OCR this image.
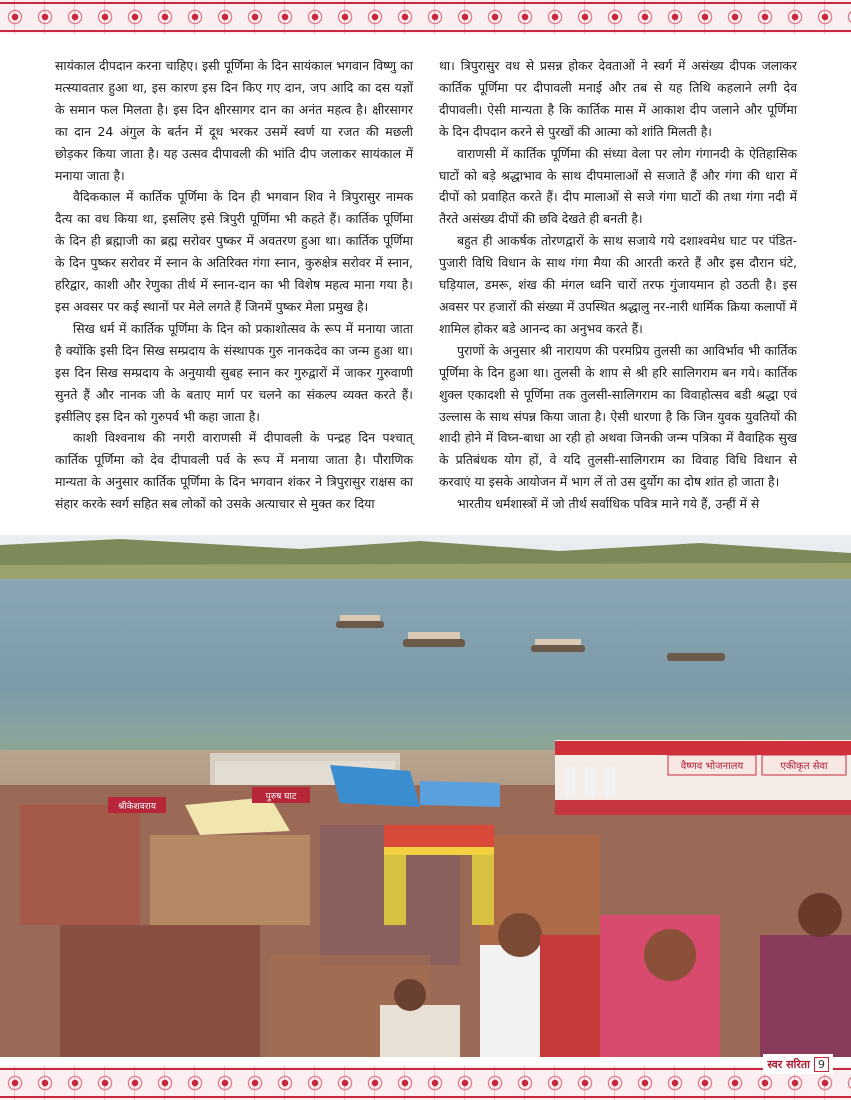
सायंकाल दीपदान करना चाहिए। इसी पूर्णिमा के दिन सायंकाल भगवान विष्णु का मत्स्यावतार हुआ था, इस कारण इस दिन किए गए दान, जप आदि का दस यज्ञों के समान फल मिलता है। इस दिन क्षीरसागर दान का अनंत महत्व है। क्षीरसागर का दान 24 अंगुल के बर्तन में दूध भरकर उसमें स्वर्ण या रजत की मछली छोड़कर किया जाता है। यह उत्सव दीपावली की भांति दीप जलाकर सायंकाल में मनाया जाता है।

वैदिककाल में कार्तिक पूर्णिमा के दिन ही भगवान शिव ने त्रिपुरासुर नामक दैत्य का वध किया था, इसलिए इसे त्रिपुरी पूर्णिमा भी कहते हैं। कार्तिक पूर्णिमा के दिन ही ब्रह्माजी का ब्रह्म सरोवर पुष्कर में अवतरण हुआ था। कार्तिक पूर्णिमा के दिन पुष्कर सरोवर में स्नान के अतिरिक्त गंगा स्नान, कुरुक्षेत्र सरोवर में स्नान, हरिद्वार, काशी और रेणुका तीर्थ में स्नान-दान का भी विशेष महत्व माना गया है। इस अवसर पर कई स्थानों पर मेले लगते हैं जिनमें पुष्कर मेला प्रमुख है।

सिख धर्म में कार्तिक पूर्णिमा के दिन को प्रकाशोत्सव के रूप में मनाया जाता है क्योंकि इसी दिन सिख सम्प्रदाय के संस्थापक गुरु नानकदेव का जन्म हुआ था। इस दिन सिख सम्प्रदाय के अनुयायी सुबह स्नान कर गुरुद्वारों में जाकर गुरुवाणी सुनते हैं और नानक जी के बताए मार्ग पर चलने का संकल्प व्यक्त करते हैं। इसीलिए इस दिन को गुरुपर्व भी कहा जाता है।

काशी विश्वनाथ की नगरी वाराणसी में दीपावली के पन्द्रह दिन पश्चात् कार्तिक पूर्णिमा को देव दीपावली पर्व के रूप में मनाया जाता है। पौराणिक मान्यता के अनुसार कार्तिक पूर्णिमा के दिन भगवान शंकर ने त्रिपुरासुर राक्षस का संहार करके स्वर्ग सहित सब लोकों को उसके अत्याचार से मुक्त कर दिया

था। त्रिपुरासुर वध से प्रसन्न होकर देवताओं ने स्वर्ग में असंख्य दीपक जलाकर कार्तिक पूर्णिमा पर दीपावली मनाई और तब से यह तिथि कहलाने लगी देव दीपावली। ऐसी मान्यता है कि कार्तिक मास में आकाश दीप जलाने और पूर्णिमा के दिन दीपदान करने से पुरखों की आत्मा को शांति मिलती है।

वाराणसी में कार्तिक पूर्णिमा की संध्या वेला पर लोग गंगानदी के ऐतिहासिक घाटों को बड़े श्रद्धाभाव के साथ दीपमालाओं से सजाते हैं और गंगा की धारा में दीपों को प्रवाहित करते हैं। दीप मालाओं से सजे गंगा घाटों की तथा गंगा नदी में तैरते असंख्य दीपों की छवि देखते ही बनती है।

बहुत ही आकर्षक तोरणद्वारों के साथ सजाये गये दशाश्वमेध घाट पर पंडित-पुजारी विधि विधान के साथ गंगा मैया की आरती करते हैं और इस दौरान घंटे, घड़ियाल, डमरू, शंख की मंगल ध्वनि चारों तरफ गुंजायमान हो उठती है। इस अवसर पर हजारों की संख्या में उपस्थित श्रद्धालु नर-नारी धार्मिक क्रिया कलापों में शामिल होकर बडे आनन्द का अनुभव करते हैं।

पुराणों के अनुसार श्री नारायण की परमप्रिय तुलसी का आविर्भाव भी कार्तिक पूर्णिमा के दिन हुआ था। तुलसी के शाप से श्री हरि सालिगराम बन गये। कार्तिक शुक्ल एकादशी से पूर्णिमा तक तुलसी-सालिगराम का विवाहोत्सव बडी श्रद्धा एवं उल्लास के साथ संपन्न किया जाता है। ऐसी धारणा है कि जिन युवक युवतियों की शादी होने में विघ्न-बाधा आ रही हो अथवा जिनकी जन्म पत्रिका में वैवाहिक सुख के प्रतिबंधक योग हों, वे यदि तुलसी-सालिगराम का विवाह विधि विधान से करवाएं या इसके आयोजन में भाग लें तो उस दुर्योग का दोष शांत हो जाता है।

भारतीय धर्मशास्त्रों में जो तीर्थ सर्वाधिक पवित्र माने गये हैं, उन्हीं में से

वैष्णव भोजनालय	एकीकृत सेवा
श्रीकेशवराय
पुरुष घाट
स्वर सरिता 9
